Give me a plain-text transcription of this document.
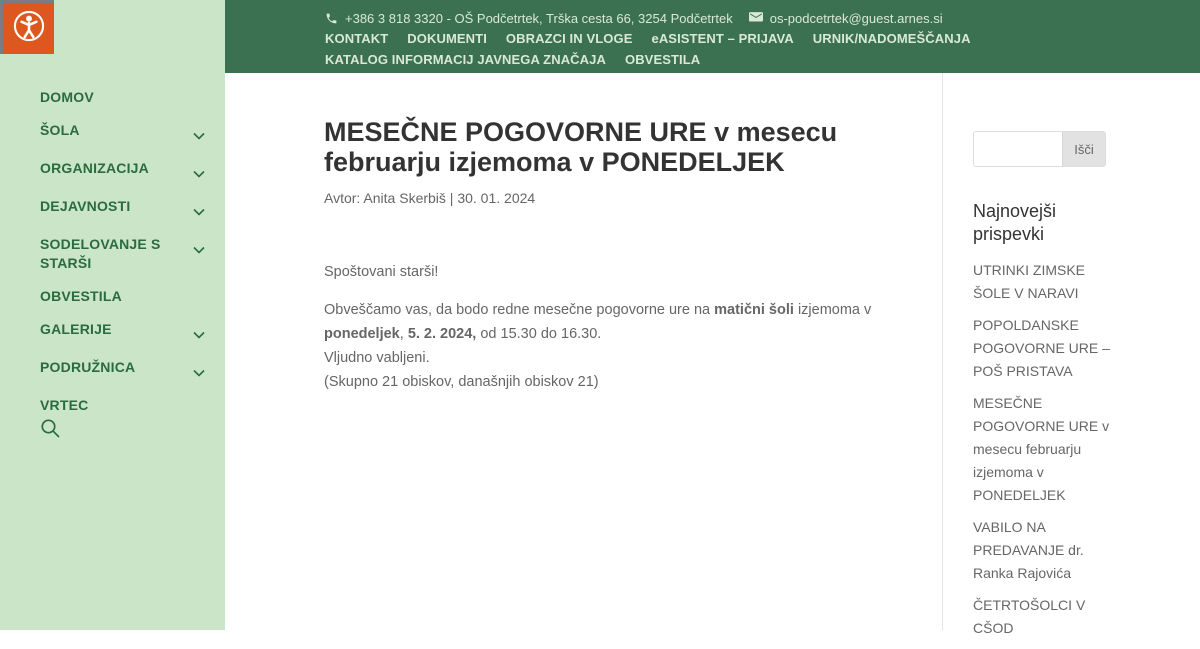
DOMOV
ŠOLA
ORGANIZACIJA
DEJAVNOSTI
SODELOVANJE S STARŠI
OBVESTILA
GALERIJE
PODRUŽNICA
VRTEC
+386 3 818 3320 - OŠ Podčetrtek, Trška cesta 66, 3254 Podčetrtek	os-podcetrtek@guest.arnes.si
KONTAKT DOKUMENTI OBRAZCI IN VLOGE eASISTENT – PRIJAVA URNIK/NADOMEŠČANJA
KATALOG INFORMACIJ JAVNEGA ZNAČAJA OBVESTILA
MESEČNE POGOVORNE URE v mesecu februarju izjemoma v PONEDELJEK
Avtor: Anita Skerbiš | 30. 01. 2024

Spoštovani starši!

Obveščamo vas, da bodo redne mesečne pogovorne ure na matični šoli izjemoma v
ponedeljek, 5. 2. 2024, od 15.30 do 16.30.
Vljudno vabljeni.
(Skupno 21 obiskov, današnjih obiskov 21)

Išči
Najnovejši prispevki
UTRINKI ZIMSKE ŠOLE V NARAVI
POPOLDANSKE POGOVORNE URE – POŠ PRISTAVA
MESEČNE POGOVORNE URE v mesecu februarju izjemoma v PONEDELJEK
VABILO NA PREDAVANJE dr. Ranka Rajovića
ČETRTOŠOLCI V CŠOD
